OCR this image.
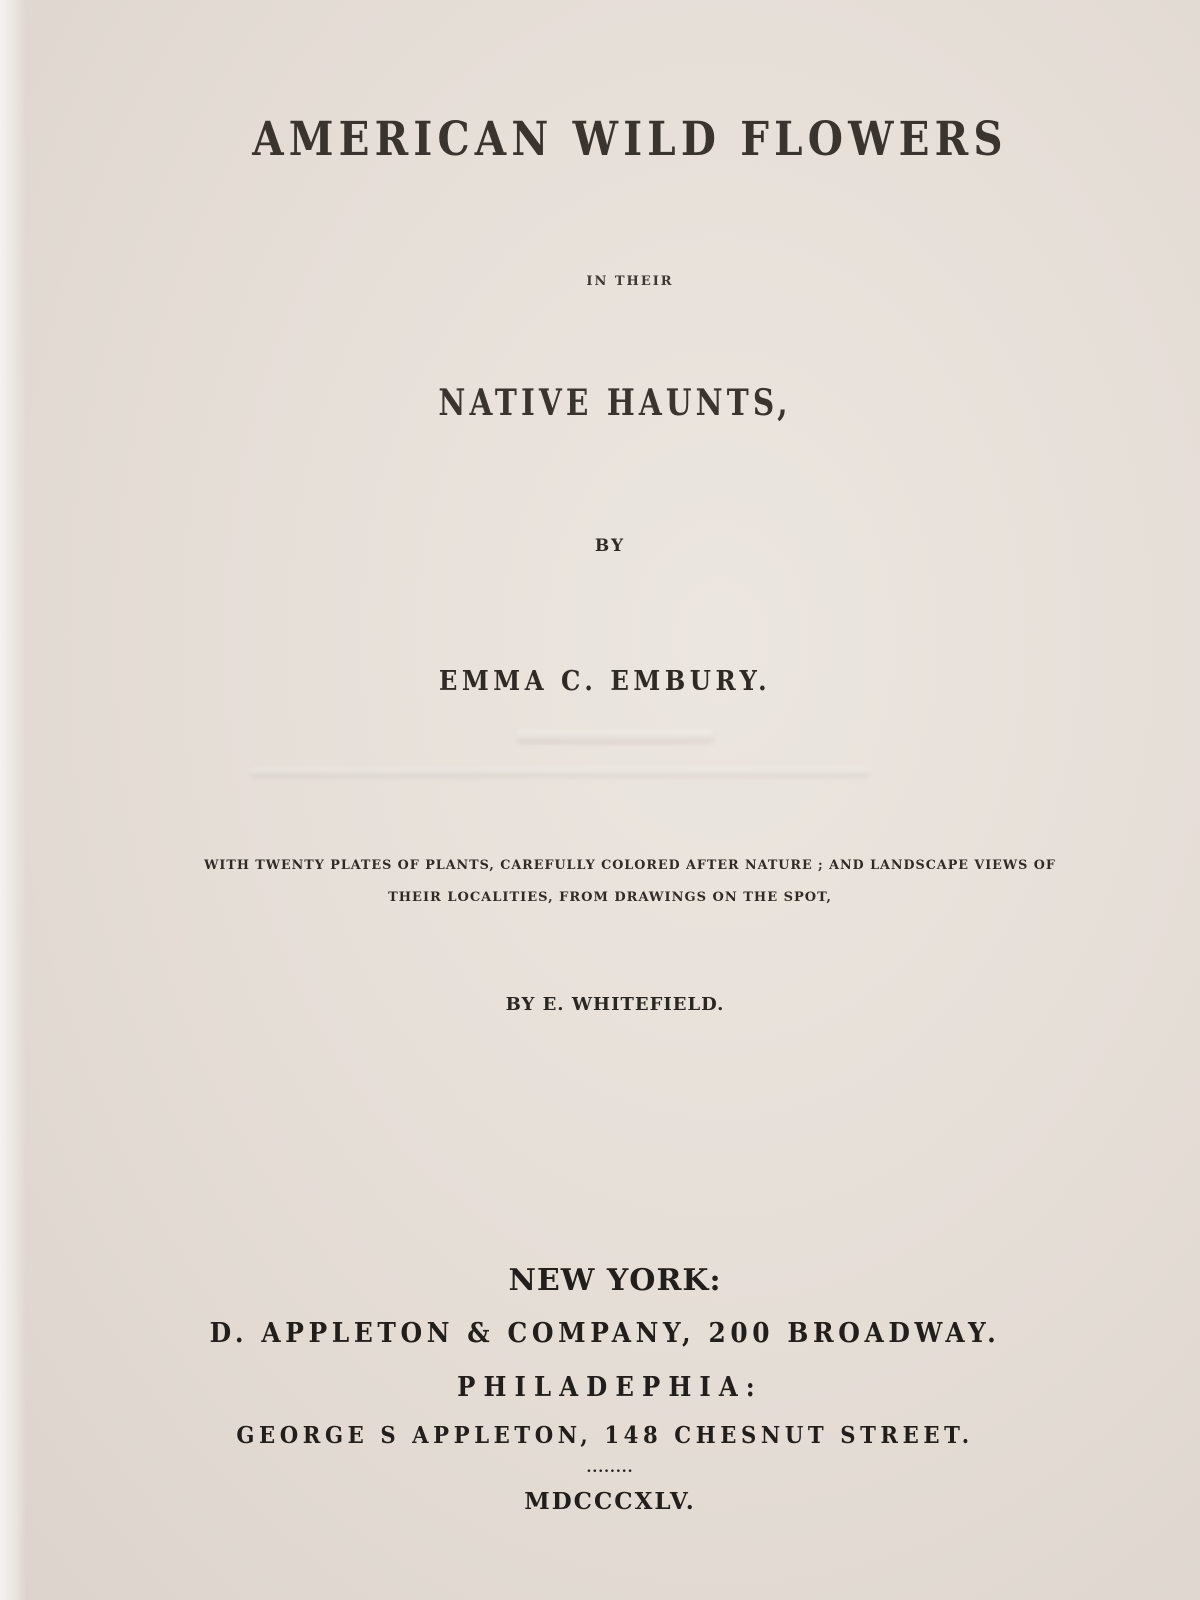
AMERICAN WILD FLOWERS
IN THEIR
NATIVE HAUNTS,
BY
EMMA C. EMBURY.
WITH TWENTY PLATES OF PLANTS, CAREFULLY COLORED AFTER NATURE ; AND LANDSCAPE VIEWS OF
THEIR LOCALITIES, FROM DRAWINGS ON THE SPOT,
BY E. WHITEFIELD.
NEW YORK:
D. APPLETON & COMPANY, 200 BROADWAY.
PHILADEPHIA:
GEORGE S APPLETON, 148 CHESNUT STREET.
........
MDCCCXLV.
